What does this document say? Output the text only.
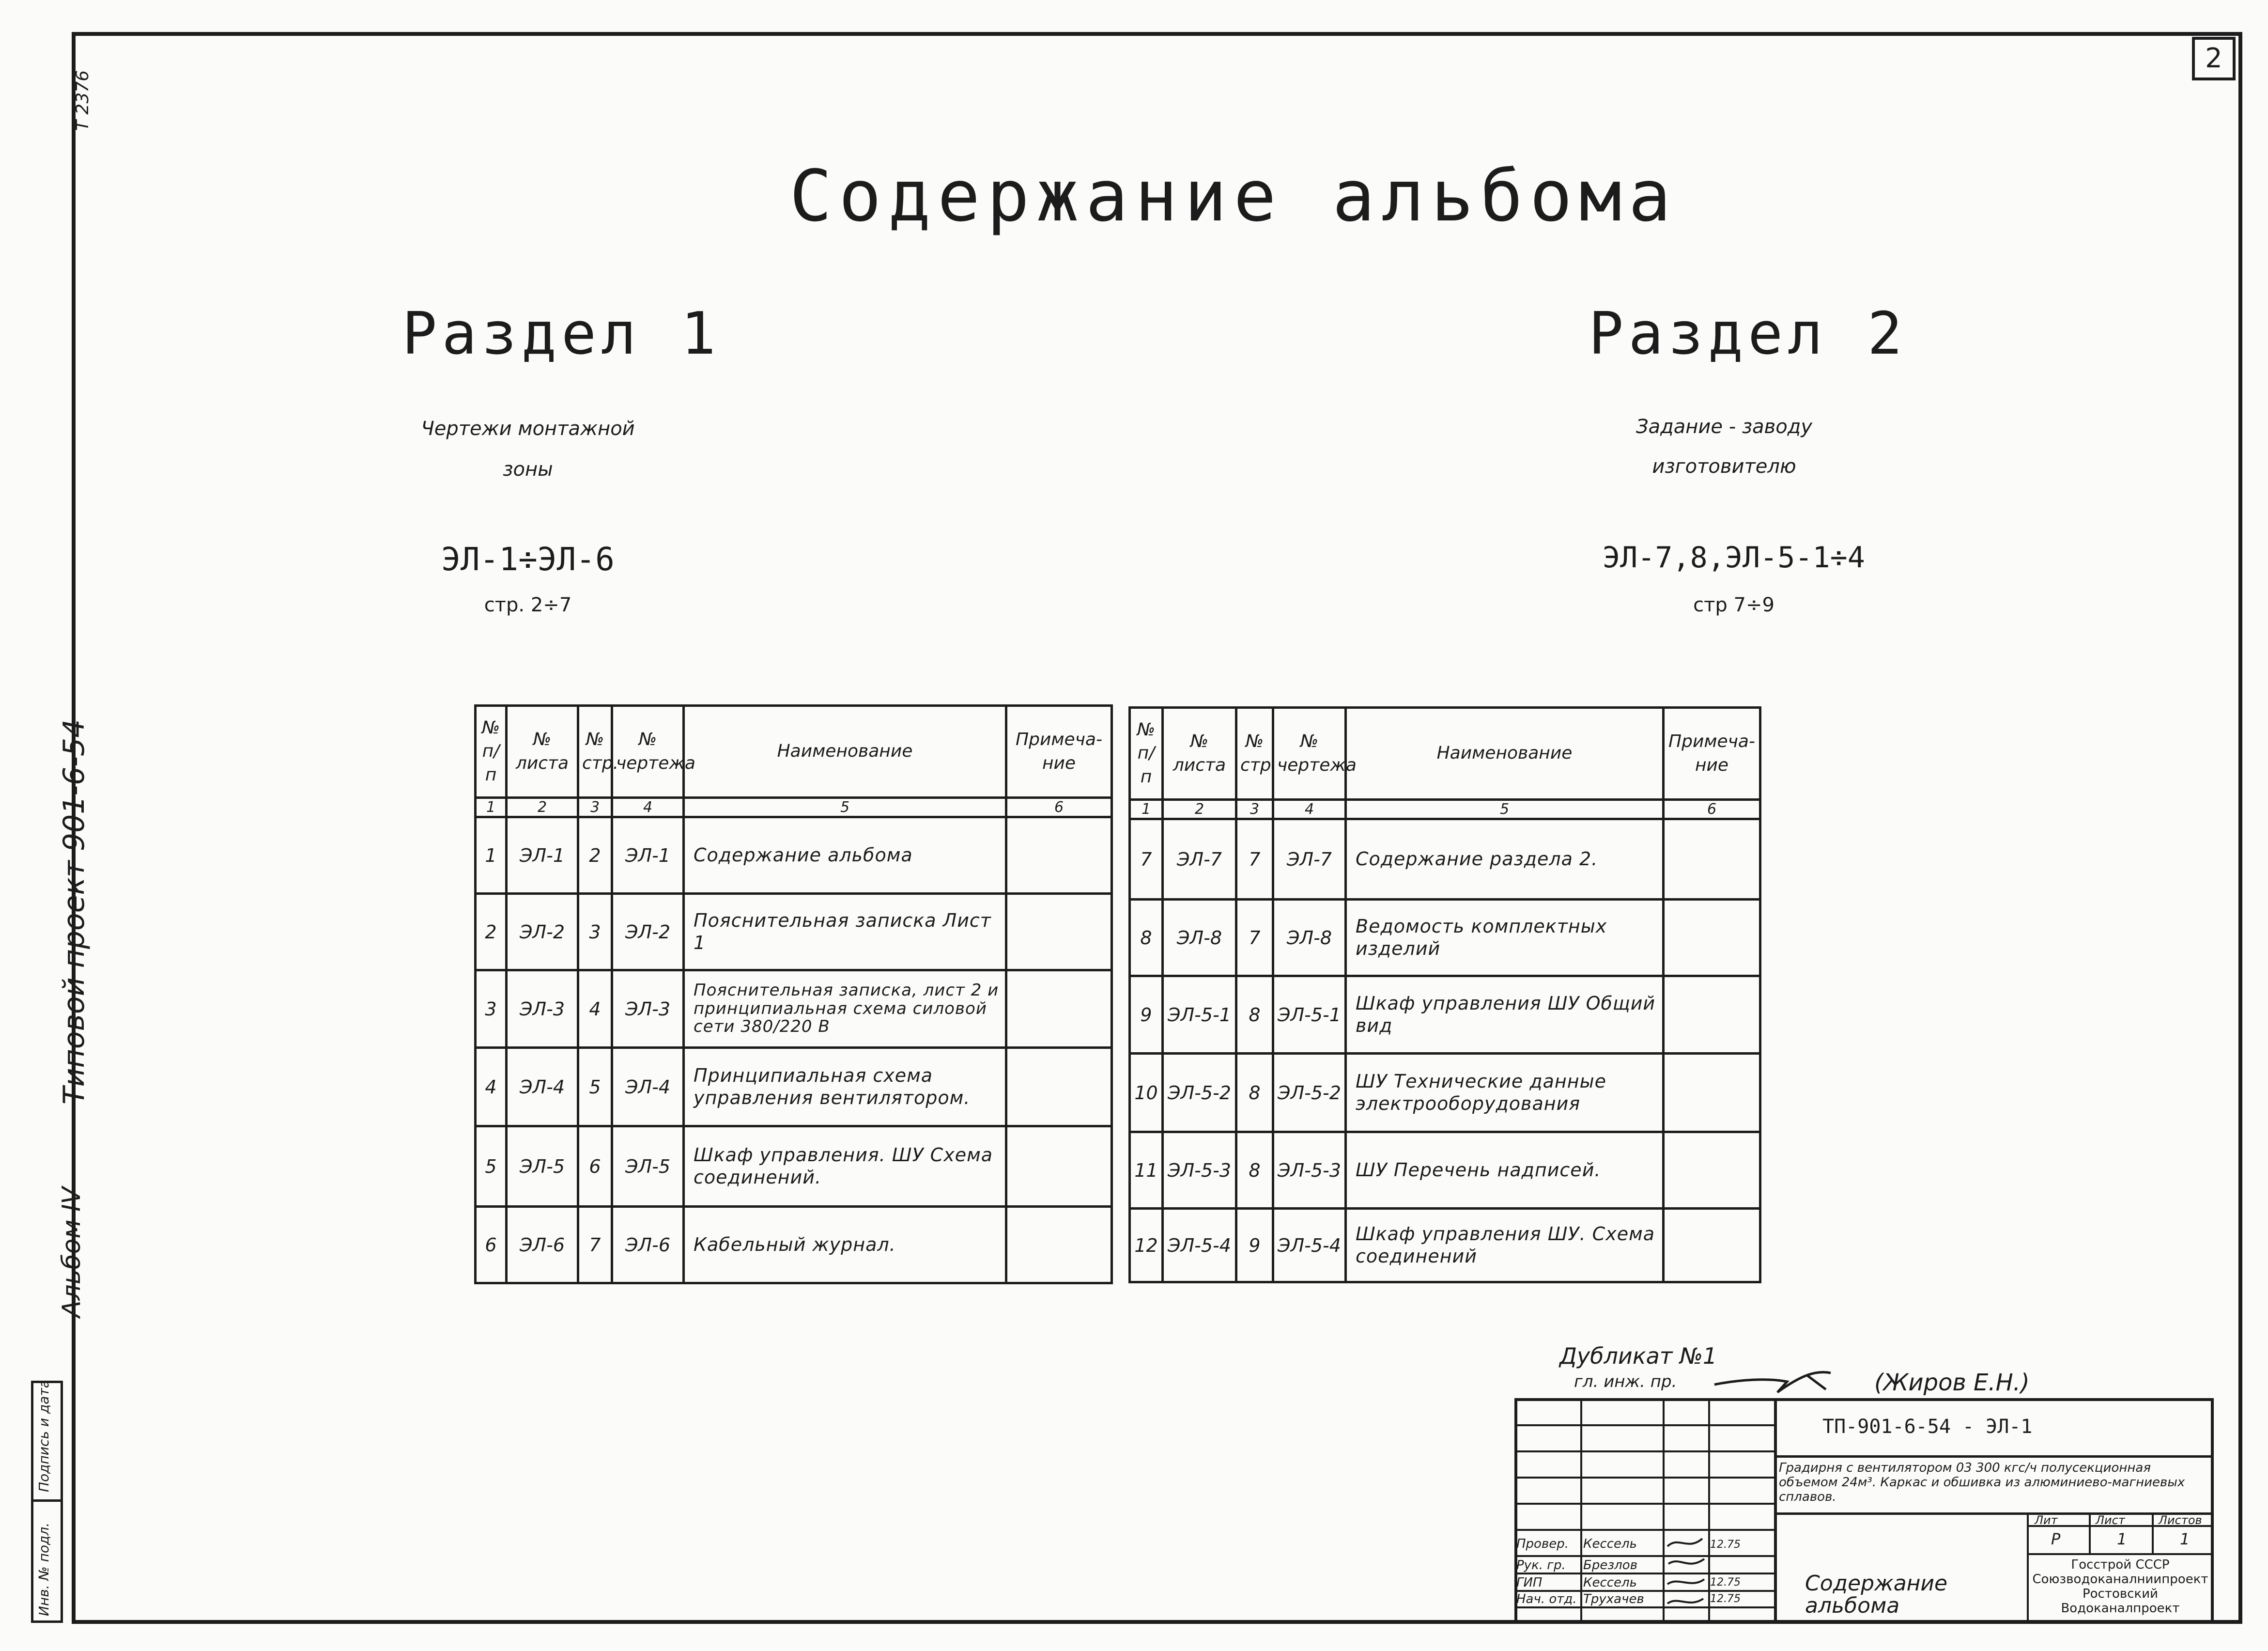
2
Т 2376
Содержание альбома
Раздел 1
Чертежи монтажной
зоны
ЭЛ-1÷ЭЛ-6
стр. 2÷7
Раздел 2
Задание - заводу
изготовителю
ЭЛ-7,8,ЭЛ-5-1÷4
стр 7÷9
№ п/п	№ листа	№ стр.	№ чертежа	Наименование	Примеча-ние
1	2	3	4	5	6
1	ЭЛ-1	2	ЭЛ-1	Содержание альбома	
2	ЭЛ-2	3	ЭЛ-2	Пояснительная записка Лист 1	
3	ЭЛ-3	4	ЭЛ-3	Пояснительная записка, лист 2 и принципиальная схема силовой сети 380/220 В	
4	ЭЛ-4	5	ЭЛ-4	Принципиальная схема управления вентилятором.	
5	ЭЛ-5	6	ЭЛ-5	Шкаф управления. ШУ Схема соединений.	
6	ЭЛ-6	7	ЭЛ-6	Кабельный журнал.	
№ п/п	№ листа	№ стр	№ чертежа	Наименование	Примеча-ние
1	2	3	4	5	6
7	ЭЛ-7	7	ЭЛ-7	Содержание раздела 2.	
8	ЭЛ-8	7	ЭЛ-8	Ведомость комплектных изделий	
9	ЭЛ-5-1	8	ЭЛ-5-1	Шкаф управления ШУ Общий вид	
10	ЭЛ-5-2	8	ЭЛ-5-2	ШУ Технические данные электрооборудования	
11	ЭЛ-5-3	8	ЭЛ-5-3	ШУ Перечень надписей.	
12	ЭЛ-5-4	9	ЭЛ-5-4	Шкаф управления ШУ. Схема соединений	
Типовой проект 901-6-54
Альбом IV
Инв. № подл.
Подпись и дата
Дубликат №1
гл. инж. пр.	(Жиров Е.Н.)
ТП-901-6-54 - ЭЛ-1
Градирня с вентилятором 03 300 кгс/ч полусекционная объемом 24м³. Каркас и обшивка из алюминиево-магниевых сплавов.
Лит	Лист	Листов
Р	1	1
Госстрой СССР Союзводоканалниипроект Ростовский Водоканалпроект
Содержание альбома
Провер. Кессель	12.75
Рук. гр. Брезлов
ГИП	Кессель	12.75
Нач. отд. Трухачев	12.75
